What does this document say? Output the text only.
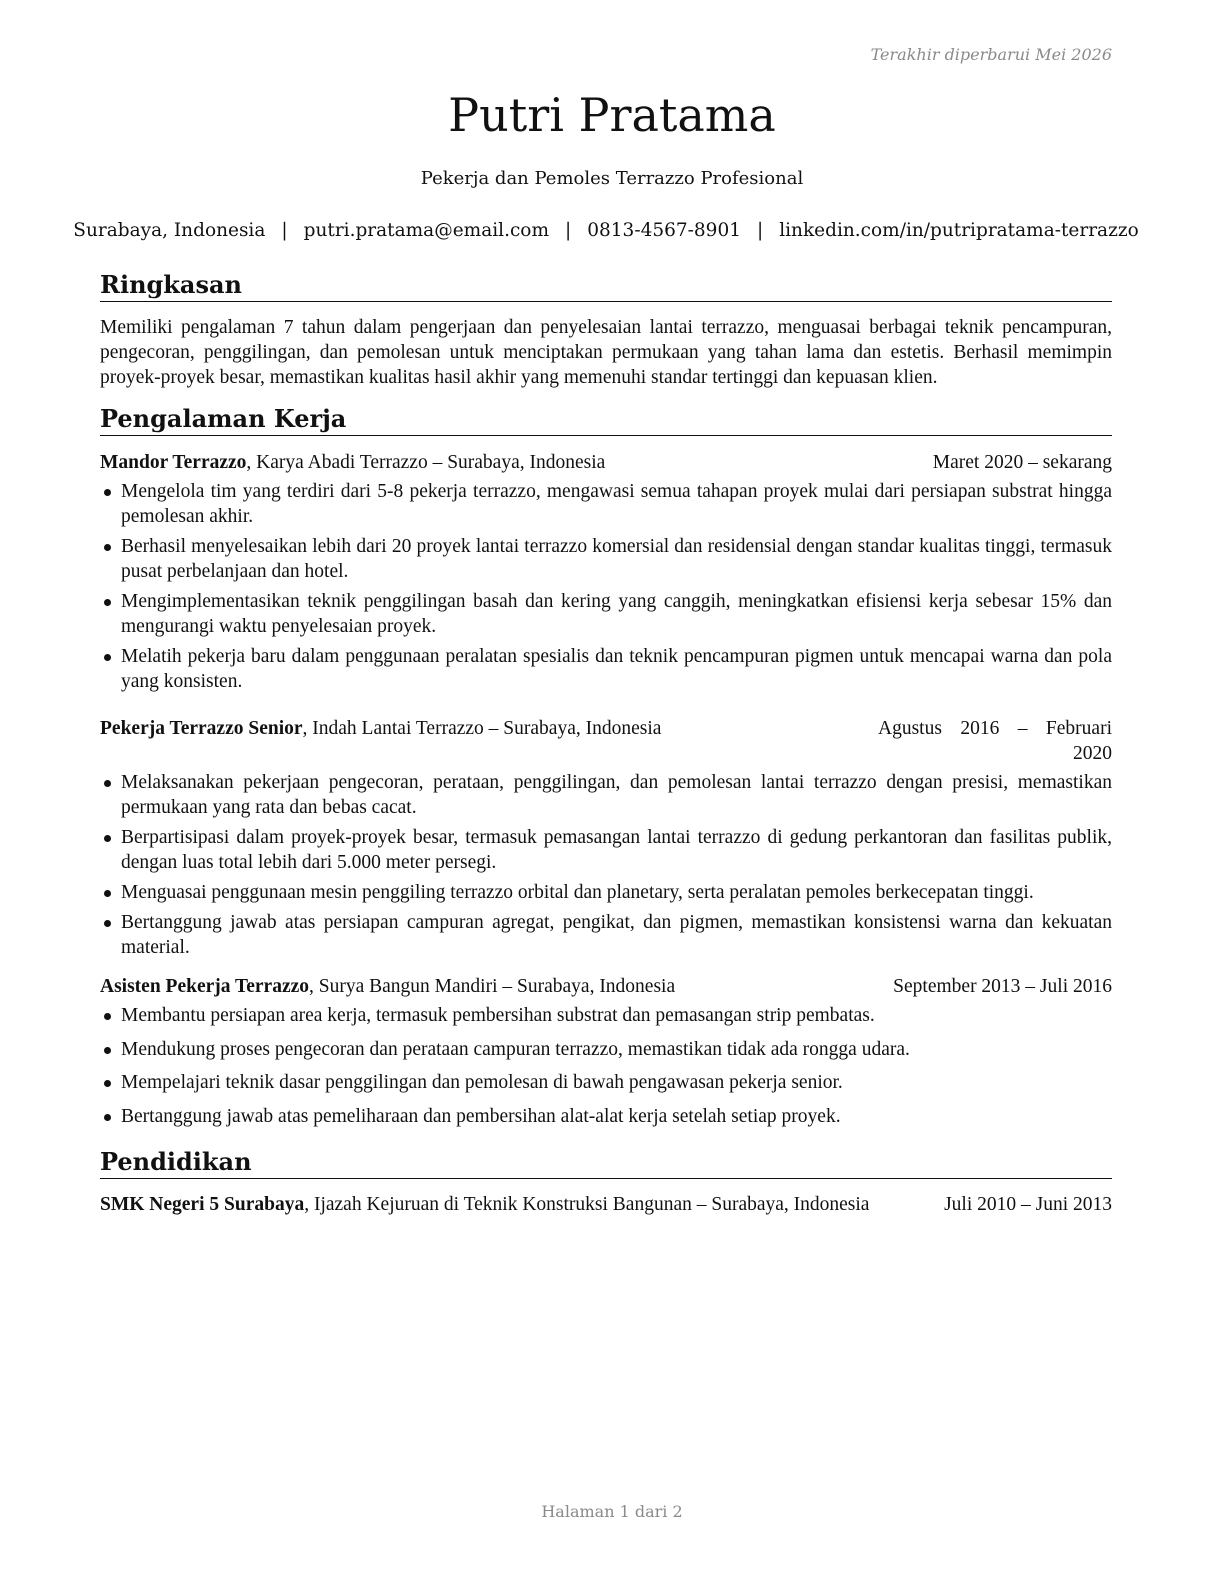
Terakhir diperbarui Mei 2026
Putri Pratama
Pekerja dan Pemoles Terrazzo Profesional
Surabaya, Indonesia | putri.pratama@email.com | 0813-4567-8901 | linkedin.com/in/putripratama-terrazzo
Ringkasan

Memiliki pengalaman 7 tahun dalam pengerjaan dan penyelesaian lantai terrazzo, menguasai berbagai teknik pencampuran, pengecoran, penggilingan, dan pemolesan untuk menciptakan permukaan yang tahan lama dan estetis. Berhasil memimpin proyek-proyek besar, memastikan kualitas hasil akhir yang memenuhi standar tertinggi dan kepuasan klien.

Pengalaman Kerja
Mandor Terrazzo, Karya Abadi Terrazzo – Surabaya, Indonesia	Maret 2020 – sekarang
Mengelola tim yang terdiri dari 5-8 pekerja terrazzo, mengawasi semua tahapan proyek mulai dari persiapan substrat hingga pemolesan akhir.
Berhasil menyelesaikan lebih dari 20 proyek lantai terrazzo komersial dan residensial dengan standar kualitas tinggi, termasuk pusat perbelanjaan dan hotel.
Mengimplementasikan teknik penggilingan basah dan kering yang canggih, meningkatkan efisiensi kerja sebesar 15% dan mengurangi waktu penyelesaian proyek.
Melatih pekerja baru dalam penggunaan peralatan spesialis dan teknik pencampuran pigmen untuk mencapai warna dan pola yang konsisten.
Pekerja Terrazzo Senior, Indah Lantai Terrazzo – Surabaya, Indonesia	Agustus 2016 – Februari 2020
Melaksanakan pekerjaan pengecoran, perataan, penggilingan, dan pemolesan lantai terrazzo dengan presisi, memastikan permukaan yang rata dan bebas cacat.
Berpartisipasi dalam proyek-proyek besar, termasuk pemasangan lantai terrazzo di gedung perkantoran dan fasilitas publik, dengan luas total lebih dari 5.000 meter persegi.
Menguasai penggunaan mesin penggiling terrazzo orbital dan planetary, serta peralatan pemoles berkecepatan tinggi.
Bertanggung jawab atas persiapan campuran agregat, pengikat, dan pigmen, memastikan konsistensi warna dan kekuatan material.
Asisten Pekerja Terrazzo, Surya Bangun Mandiri – Surabaya, Indonesia	September 2013 – Juli 2016
Membantu persiapan area kerja, termasuk pembersihan substrat dan pemasangan strip pembatas.
Mendukung proses pengecoran dan perataan campuran terrazzo, memastikan tidak ada rongga udara.
Mempelajari teknik dasar penggilingan dan pemolesan di bawah pengawasan pekerja senior.
Bertanggung jawab atas pemeliharaan dan pembersihan alat-alat kerja setelah setiap proyek.
Pendidikan
SMK Negeri 5 Surabaya, Ijazah Kejuruan di Teknik Konstruksi Bangunan – Surabaya, Indonesia	Juli 2010 – Juni 2013
Halaman 1 dari 2
